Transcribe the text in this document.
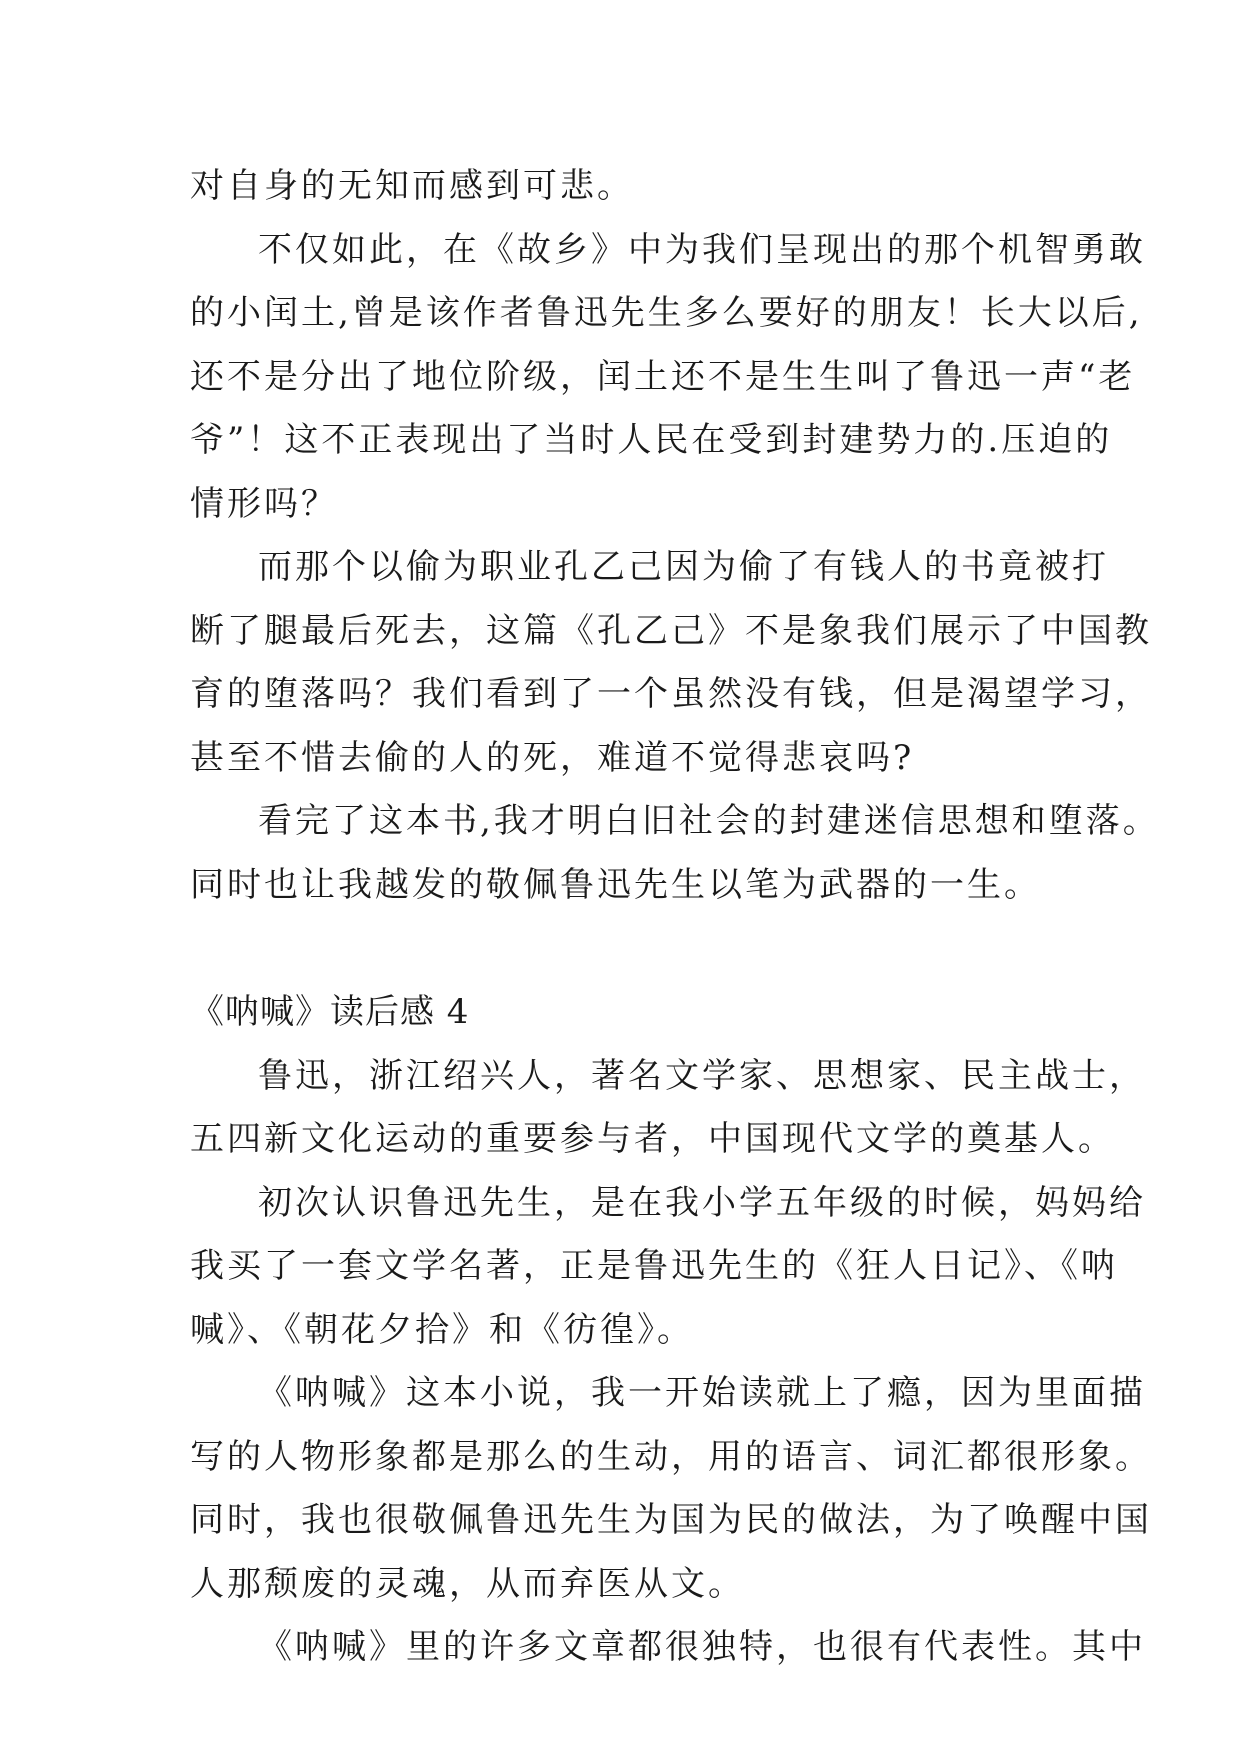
对自身的无知而感到可悲。
不仅如此，在《故乡》中为我们呈现出的那个机智勇敢
的小闰土,曾是该作者鲁迅先生多么要好的朋友！长大以后,
还不是分出了地位阶级，闰土还不是生生叫了鲁迅一声“老
爷”！这不正表现出了当时人民在受到封建势力的.压迫的
情形吗？
而那个以偷为职业孔乙己因为偷了有钱人的书竟被打
断了腿最后死去，这篇《孔乙己》不是象我们展示了中国教
育的堕落吗？我们看到了一个虽然没有钱，但是渴望学习，
甚至不惜去偷的人的死，难道不觉得悲哀吗?
看完了这本书,我才明白旧社会的封建迷信思想和堕落。
同时也让我越发的敬佩鲁迅先生以笔为武器的一生。
《呐喊》读后感 4
鲁迅，浙江绍兴人，著名文学家、思想家、民主战士，
五四新文化运动的重要参与者，中国现代文学的奠基人。
初次认识鲁迅先生，是在我小学五年级的时候，妈妈给
我买了一套文学名著，正是鲁迅先生的《狂人日记》、《呐
喊》、《朝花夕拾》和《彷徨》。
《呐喊》这本小说，我一开始读就上了瘾，因为里面描
写的人物形象都是那么的生动，用的语言、词汇都很形象。
同时，我也很敬佩鲁迅先生为国为民的做法，为了唤醒中国
人那颓废的灵魂，从而弃医从文。
《呐喊》里的许多文章都很独特，也很有代表性。其中
